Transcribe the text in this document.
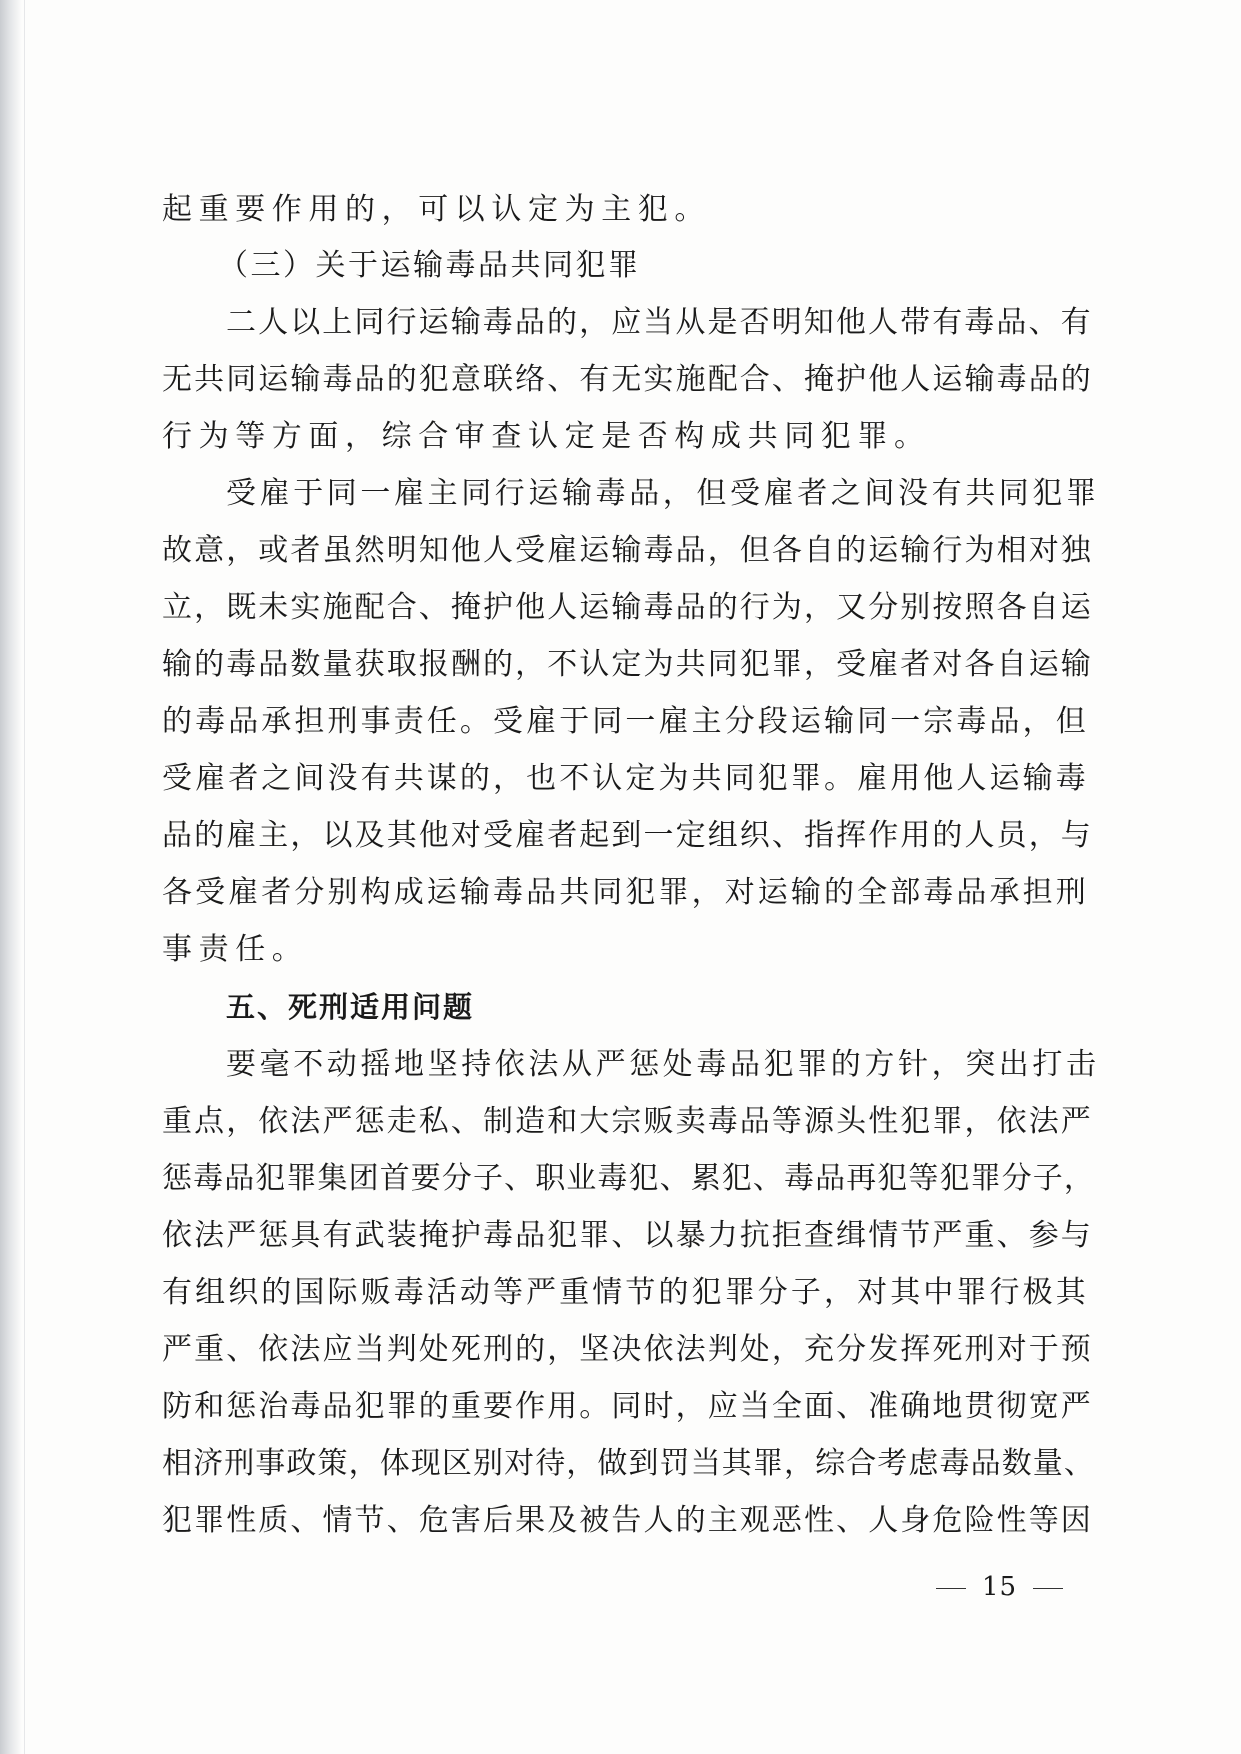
起重要作用的，可以认定为主犯。
（三）关于运输毒品共同犯罪
二人以上同行运输毒品的，应当从是否明知他人带有毒品、有
无共同运输毒品的犯意联络、有无实施配合、掩护他人运输毒品的
行为等方面，综合审查认定是否构成共同犯罪。
受雇于同一雇主同行运输毒品，但受雇者之间没有共同犯罪
故意，或者虽然明知他人受雇运输毒品，但各自的运输行为相对独
立，既未实施配合、掩护他人运输毒品的行为，又分别按照各自运
输的毒品数量获取报酬的，不认定为共同犯罪，受雇者对各自运输
的毒品承担刑事责任。受雇于同一雇主分段运输同一宗毒品，但
受雇者之间没有共谋的，也不认定为共同犯罪。雇用他人运输毒
品的雇主，以及其他对受雇者起到一定组织、指挥作用的人员，与
各受雇者分别构成运输毒品共同犯罪，对运输的全部毒品承担刑
事责任。
五、死刑适用问题
要毫不动摇地坚持依法从严惩处毒品犯罪的方针，突出打击
重点，依法严惩走私、制造和大宗贩卖毒品等源头性犯罪，依法严
惩毒品犯罪集团首要分子、职业毒犯、累犯、毒品再犯等犯罪分子，
依法严惩具有武装掩护毒品犯罪、以暴力抗拒查缉情节严重、参与
有组织的国际贩毒活动等严重情节的犯罪分子，对其中罪行极其
严重、依法应当判处死刑的，坚决依法判处，充分发挥死刑对于预
防和惩治毒品犯罪的重要作用。同时，应当全面、准确地贯彻宽严
相济刑事政策，体现区别对待，做到罚当其罪，综合考虑毒品数量、
犯罪性质、情节、危害后果及被告人的主观恶性、人身危险性等因
15
